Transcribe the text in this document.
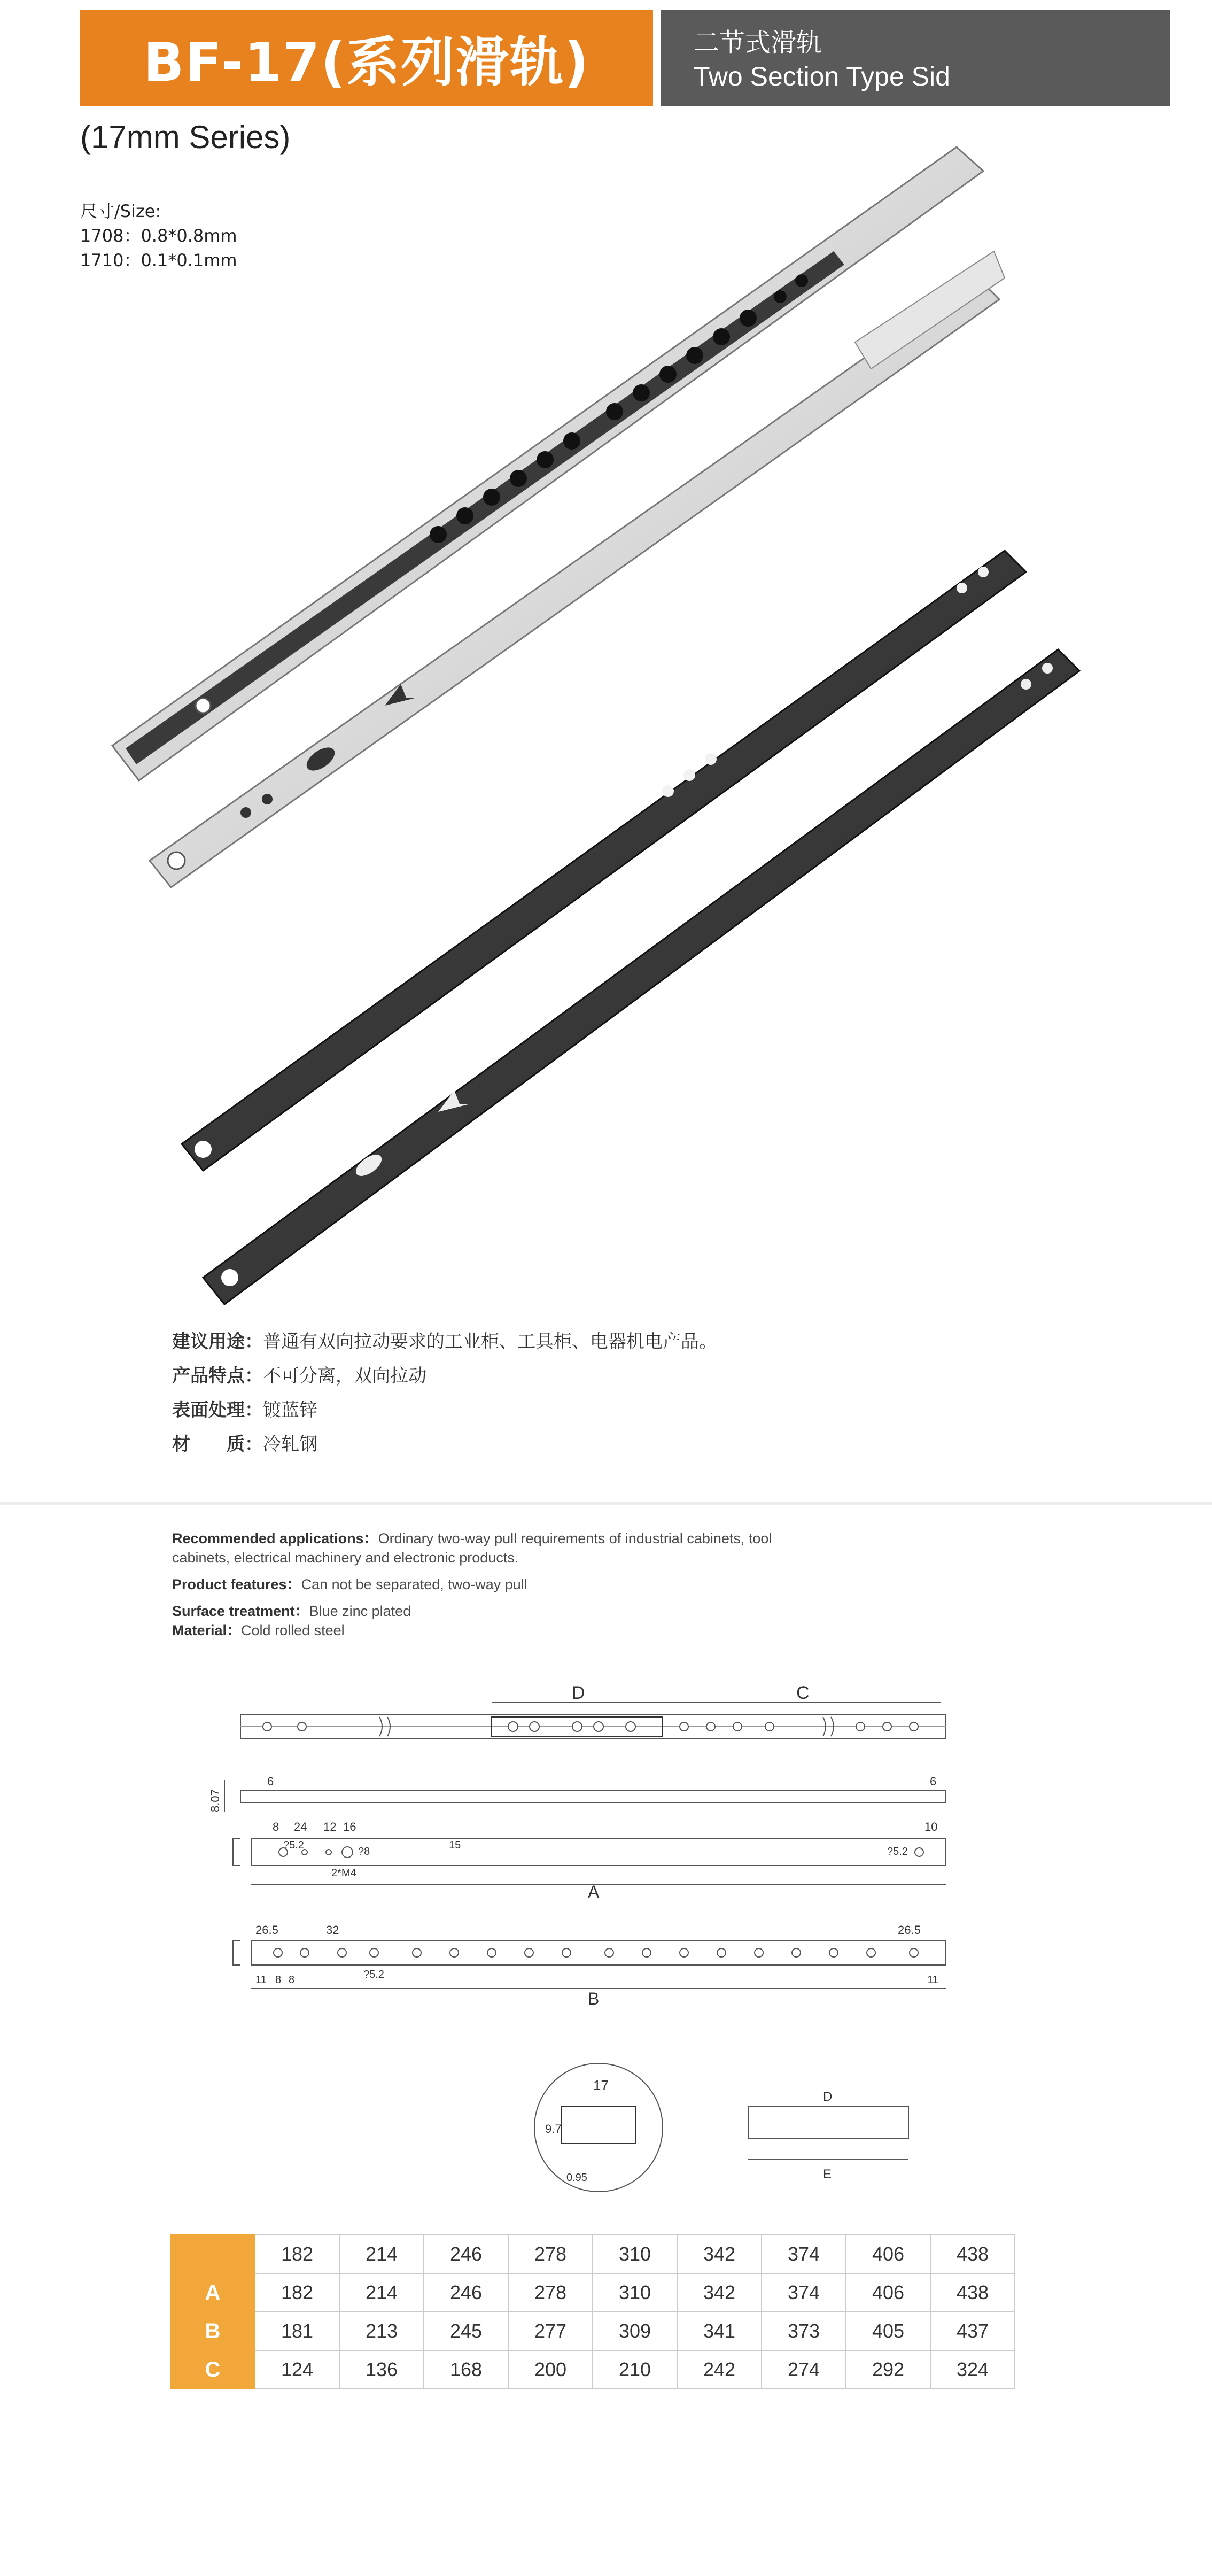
BF-17(系列滑轨)	二节式滑轨
Two Section Type Sid
(17mm Series)
尺寸/Size:
1708：0.8*0.8mm
1710：0.1*0.1mm
建议用途：普通有双向拉动要求的工业柜、工具柜、电器机电产品。
产品特点：不可分离，双向拉动
表面处理：镀蓝锌
材　　质：冷轧钢

Recommended applications：Ordinary two-way pull requirements of industrial cabinets, tool cabinets, electrical machinery and electronic products.

Product features：Can not be separated, two-way pull

Surface treatment：Blue zinc plated

Material：Cold rolled steel

D	C
8.07
6	6
8 24 12 16	10
?5.2
?8
15
2*M4
?5.2
A
26.5	32	26.5
11 8 8	?5.2	11
B
17
9.7
0.95
D
E
	182	214	246	278	310	342	374	406	438
A	182	214	246	278	310	342	374	406	438
B	181	213	245	277	309	341	373	405	437
C	124	136	168	200	210	242	274	292	324
